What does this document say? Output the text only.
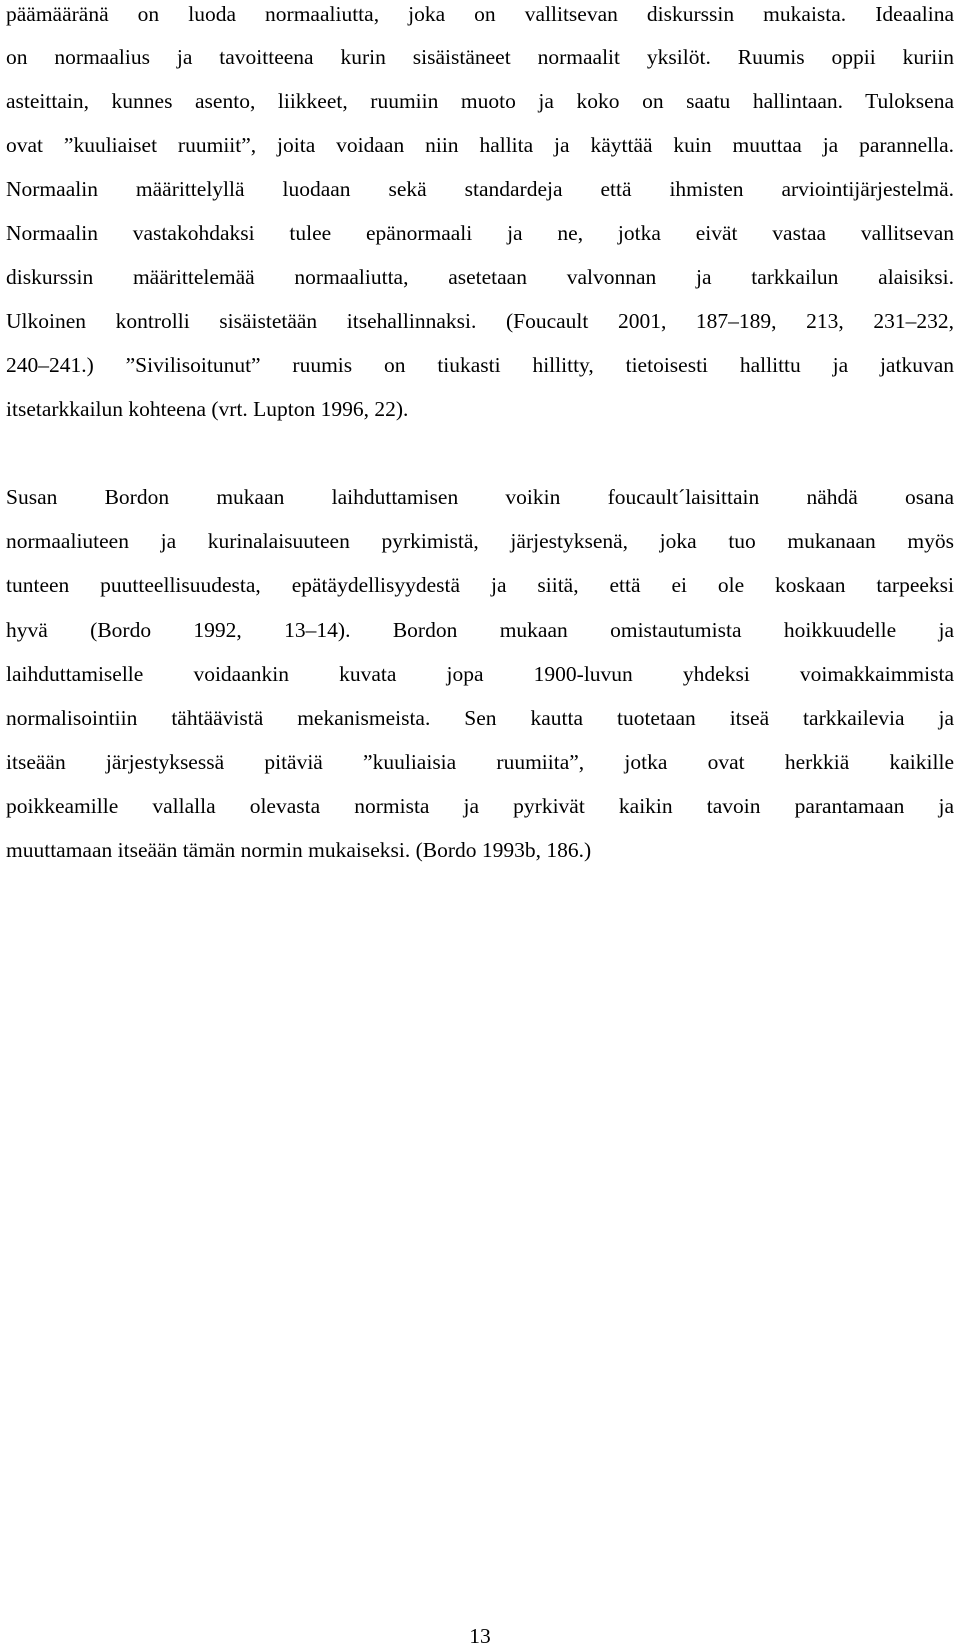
päämääränä on luoda normaaliutta, joka on vallitsevan diskurssin mukaista. Ideaalina
on normaalius ja tavoitteena kurin sisäistäneet normaalit yksilöt. Ruumis oppii kuriin
asteittain, kunnes asento, liikkeet, ruumiin muoto ja koko on saatu hallintaan. Tuloksena
ovat ”kuuliaiset ruumiit”, joita voidaan niin hallita ja käyttää kuin muuttaa ja parannella.
Normaalin määrittelyllä luodaan sekä standardeja että ihmisten arviointijärjestelmä.
Normaalin vastakohdaksi tulee epänormaali ja ne, jotka eivät vastaa vallitsevan
diskurssin määrittelemää normaaliutta, asetetaan valvonnan ja tarkkailun alaisiksi.
Ulkoinen kontrolli sisäistetään itsehallinnaksi. (Foucault 2001, 187–189, 213, 231–232,
240–241.) ”Sivilisoitunut” ruumis on tiukasti hillitty, tietoisesti hallittu ja jatkuvan
itsetarkkailun kohteena (vrt. Lupton 1996, 22).
Susan Bordon mukaan laihduttamisen voikin foucault´laisittain nähdä osana
normaaliuteen ja kurinalaisuuteen pyrkimistä, järjestyksenä, joka tuo mukanaan myös
tunteen puutteellisuudesta, epätäydellisyydestä ja siitä, että ei ole koskaan tarpeeksi
hyvä (Bordo 1992, 13–14). Bordon mukaan omistautumista hoikkuudelle ja
laihduttamiselle voidaankin kuvata jopa 1900-luvun yhdeksi voimakkaimmista
normalisointiin tähtäävistä mekanismeista. Sen kautta tuotetaan itseä tarkkailevia ja
itseään järjestyksessä pitäviä ”kuuliaisia ruumiita”, jotka ovat herkkiä kaikille
poikkeamille vallalla olevasta normista ja pyrkivät kaikin tavoin parantamaan ja
muuttamaan itseään tämän normin mukaiseksi. (Bordo 1993b, 186.)
13
